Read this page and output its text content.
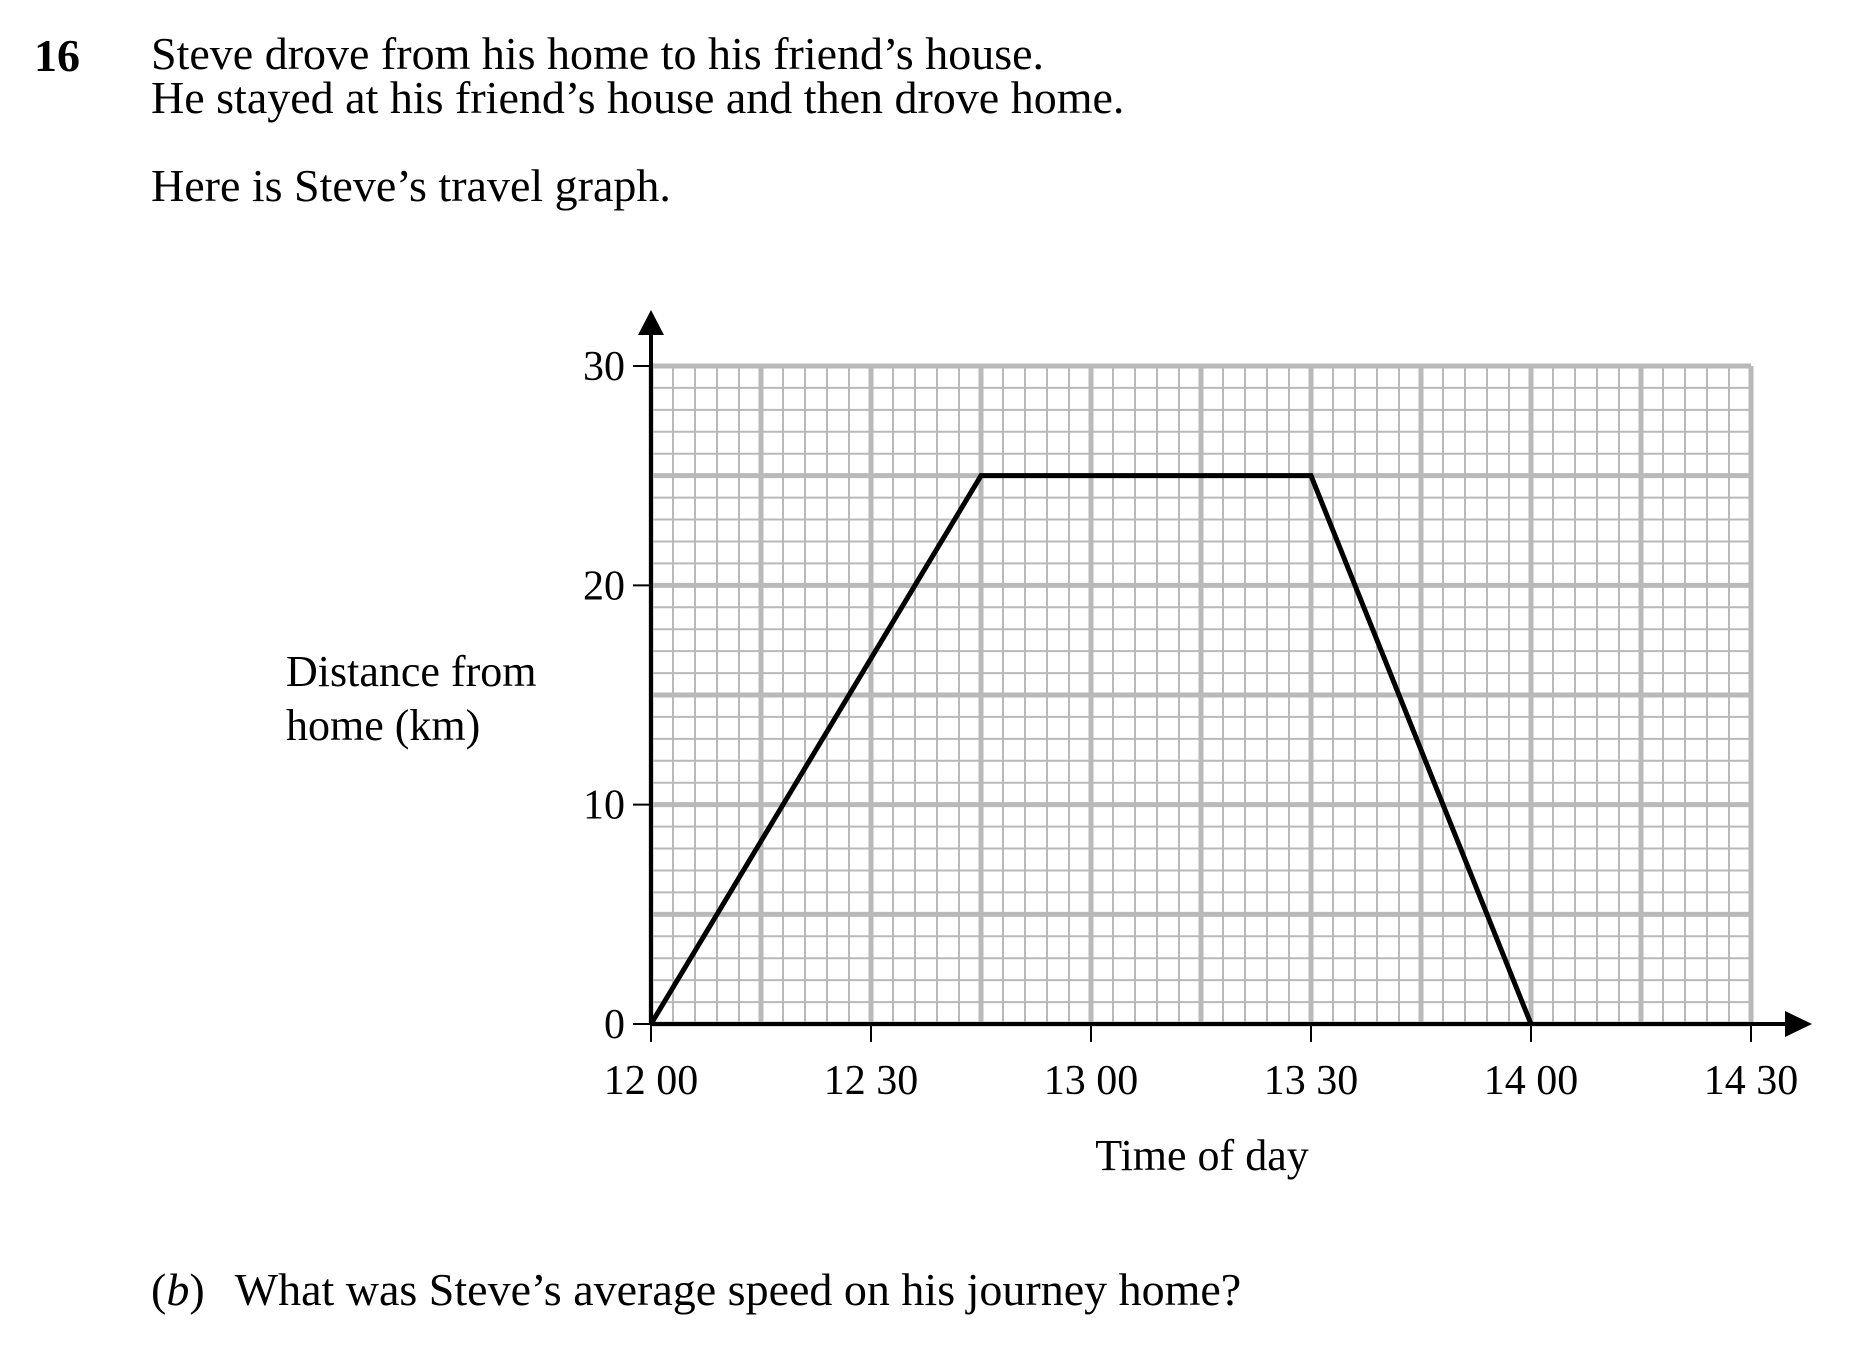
16 Steve drove from his home to his friend’s house.
He stayed at his friend’s house and then drove home.
Here is Steve’s travel graph.
0
10
20
30
12 00	12 30	13 00	13 30	14 00	14 30
Time of day
Distance from
home (km)
(b) What was Steve’s average speed on his journey home?
